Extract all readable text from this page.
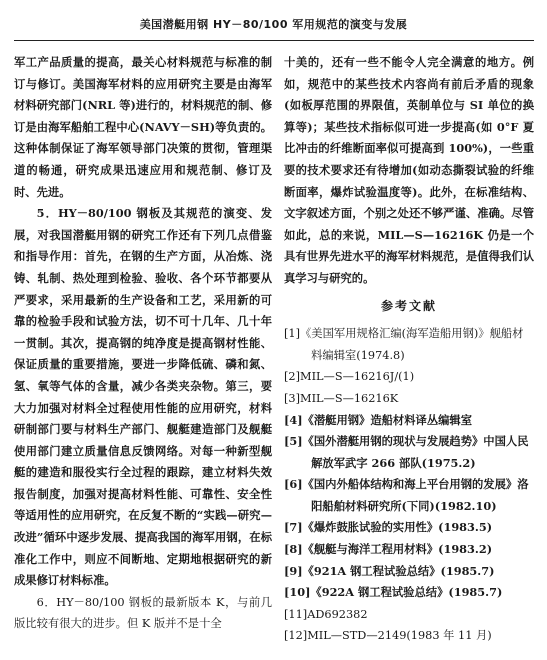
美国潜艇用钢 HY－80/100 军用规范的演变与发展

军工产品质量的提高，最关心材料规范与标准的制订与修订。美国海军材料的应用研究主要是由海军材料研究部门(NRL 等)进行的，材料规范的制、修订是由海军船舶工程中心(NAVY－SH)等负责的。这种体制保证了海军领导部门决策的贯彻，管理渠道的畅通，研究成果迅速应用和规范制、修订及时、先进。

5．HY－80/100 钢板及其规范的演变、发展，对我国潜艇用钢的研究工作还有下列几点借鉴和指导作用：首先，在钢的生产方面，从冶炼、浇铸、轧制、热处理到检验、验收、各个环节都要从严要求，采用最新的生产设备和工艺，采用新的可靠的检验手段和试验方法，切不可十几年、几十年一贯制。其次，提高钢的纯净度是提高钢材性能、保证质量的重要措施，要进一步降低硫、磷和氮、氢、氧等气体的含量，减少各类夹杂物。第三，要大力加强对材料全过程使用性能的应用研究，材料研制部门要与材料生产部门、舰艇建造部门及舰艇使用部门建立质量信息反馈网络。对每一种新型舰艇的建造和服役实行全过程的跟踪，建立材料失效报告制度，加强对提高材料性能、可靠性、安全性等适用性的应用研究，在反复不断的“实践—研究—改进”循环中逐步发展、提高我国的海军用钢，在标准化工作中，则应不间断地、定期地根据研究的新成果修订材料标准。

6．HY－80/100 钢板的最新版本 K，与前几版比较有很大的进步。但 K 版并不是十全

十美的，还有一些不能令人完全满意的地方。例如，规范中的某些技术内容尚有前后矛盾的现象(如板厚范围的界限值，英制单位与 SI 单位的换算等)；某些技术指标似可进一步提高(如 0°F 夏比冲击的纤维断面率似可提高到 100%)，一些重要的技术要求还有待增加(如动态撕裂试验的纤维断面率，爆炸试验温度等)。此外，在标准结构、文字叙述方面，个别之处还不够严谨、准确。尽管如此，总的来说，MIL—S—16216K 仍是一个具有世界先进水平的海军材料规范，是值得我们认真学习与研究的。

参考文献
[1]《美国军用规格汇编(海军造船用钢)》舰船材料编辑室(1974.8)
[2]MIL—S—16216J/(1)
[3]MIL—S—16216K
[4]《潜艇用钢》造船材料译丛编辑室
[5]《国外潜艇用钢的现状与发展趋势》中国人民解放军武字 266 部队(1975.2)
[6]《国内外船体结构和海上平台用钢的发展》洛阳船舶材料研究所(下同)(1982.10)
[7]《爆炸鼓胀试验的实用性》(1983.5)
[8]《舰艇与海洋工程用材料》(1983.2)
[9]《921A 钢工程试验总结》(1985.7)
[10]《922A 钢工程试验总结》(1985.7)
[11]AD692382
[12]MIL—STD—2149(1983 年 11 月)
